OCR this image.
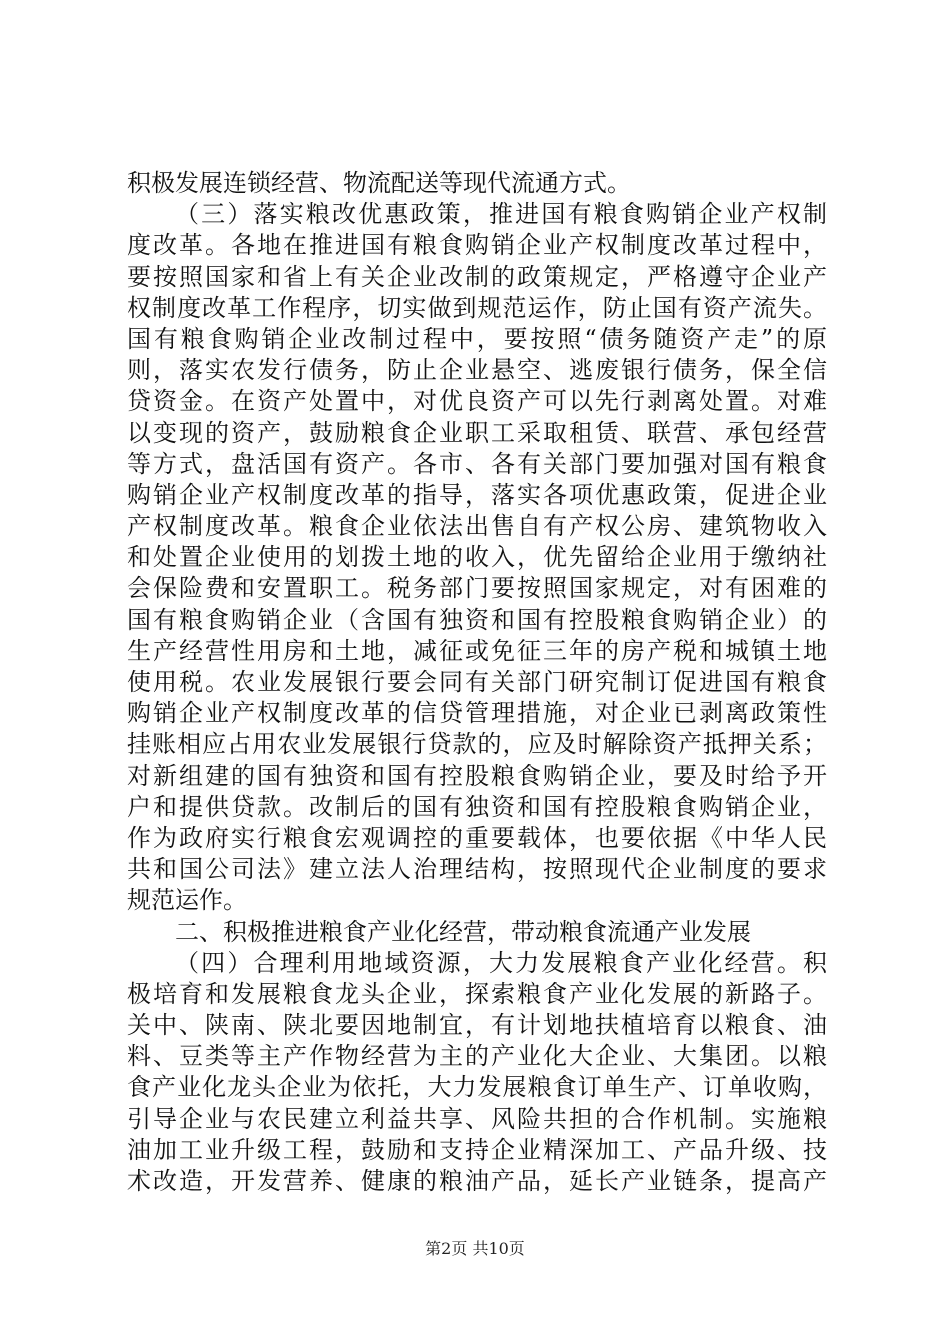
积极发展连锁经营、物流配送等现代流通方式。
（三）落实粮改优惠政策，推进国有粮食购销企业产权制
度改革。各地在推进国有粮食购销企业产权制度改革过程中，
要按照国家和省上有关企业改制的政策规定，严格遵守企业产
权制度改革工作程序，切实做到规范运作，防止国有资产流失。
国有粮食购销企业改制过程中，要按照“债务随资产走”的原
则，落实农发行债务，防止企业悬空、逃废银行债务，保全信
贷资金。在资产处置中，对优良资产可以先行剥离处置。对难
以变现的资产，鼓励粮食企业职工采取租赁、联营、承包经营
等方式，盘活国有资产。各市、各有关部门要加强对国有粮食
购销企业产权制度改革的指导，落实各项优惠政策，促进企业
产权制度改革。粮食企业依法出售自有产权公房、建筑物收入
和处置企业使用的划拨土地的收入，优先留给企业用于缴纳社
会保险费和安置职工。税务部门要按照国家规定，对有困难的
国有粮食购销企业（含国有独资和国有控股粮食购销企业）的
生产经营性用房和土地，减征或免征三年的房产税和城镇土地
使用税。农业发展银行要会同有关部门研究制订促进国有粮食
购销企业产权制度改革的信贷管理措施，对企业已剥离政策性
挂账相应占用农业发展银行贷款的，应及时解除资产抵押关系；
对新组建的国有独资和国有控股粮食购销企业，要及时给予开
户和提供贷款。改制后的国有独资和国有控股粮食购销企业，
作为政府实行粮食宏观调控的重要载体，也要依据《中华人民
共和国公司法》建立法人治理结构，按照现代企业制度的要求
规范运作。
二、积极推进粮食产业化经营，带动粮食流通产业发展
（四）合理利用地域资源，大力发展粮食产业化经营。积
极培育和发展粮食龙头企业，探索粮食产业化发展的新路子。
关中、陕南、陕北要因地制宜，有计划地扶植培育以粮食、油
料、豆类等主产作物经营为主的产业化大企业、大集团。以粮
食产业化龙头企业为依托，大力发展粮食订单生产、订单收购，
引导企业与农民建立利益共享、风险共担的合作机制。实施粮
油加工业升级工程，鼓励和支持企业精深加工、产品升级、技
术改造，开发营养、健康的粮油产品，延长产业链条，提高产
第2页 共10页
